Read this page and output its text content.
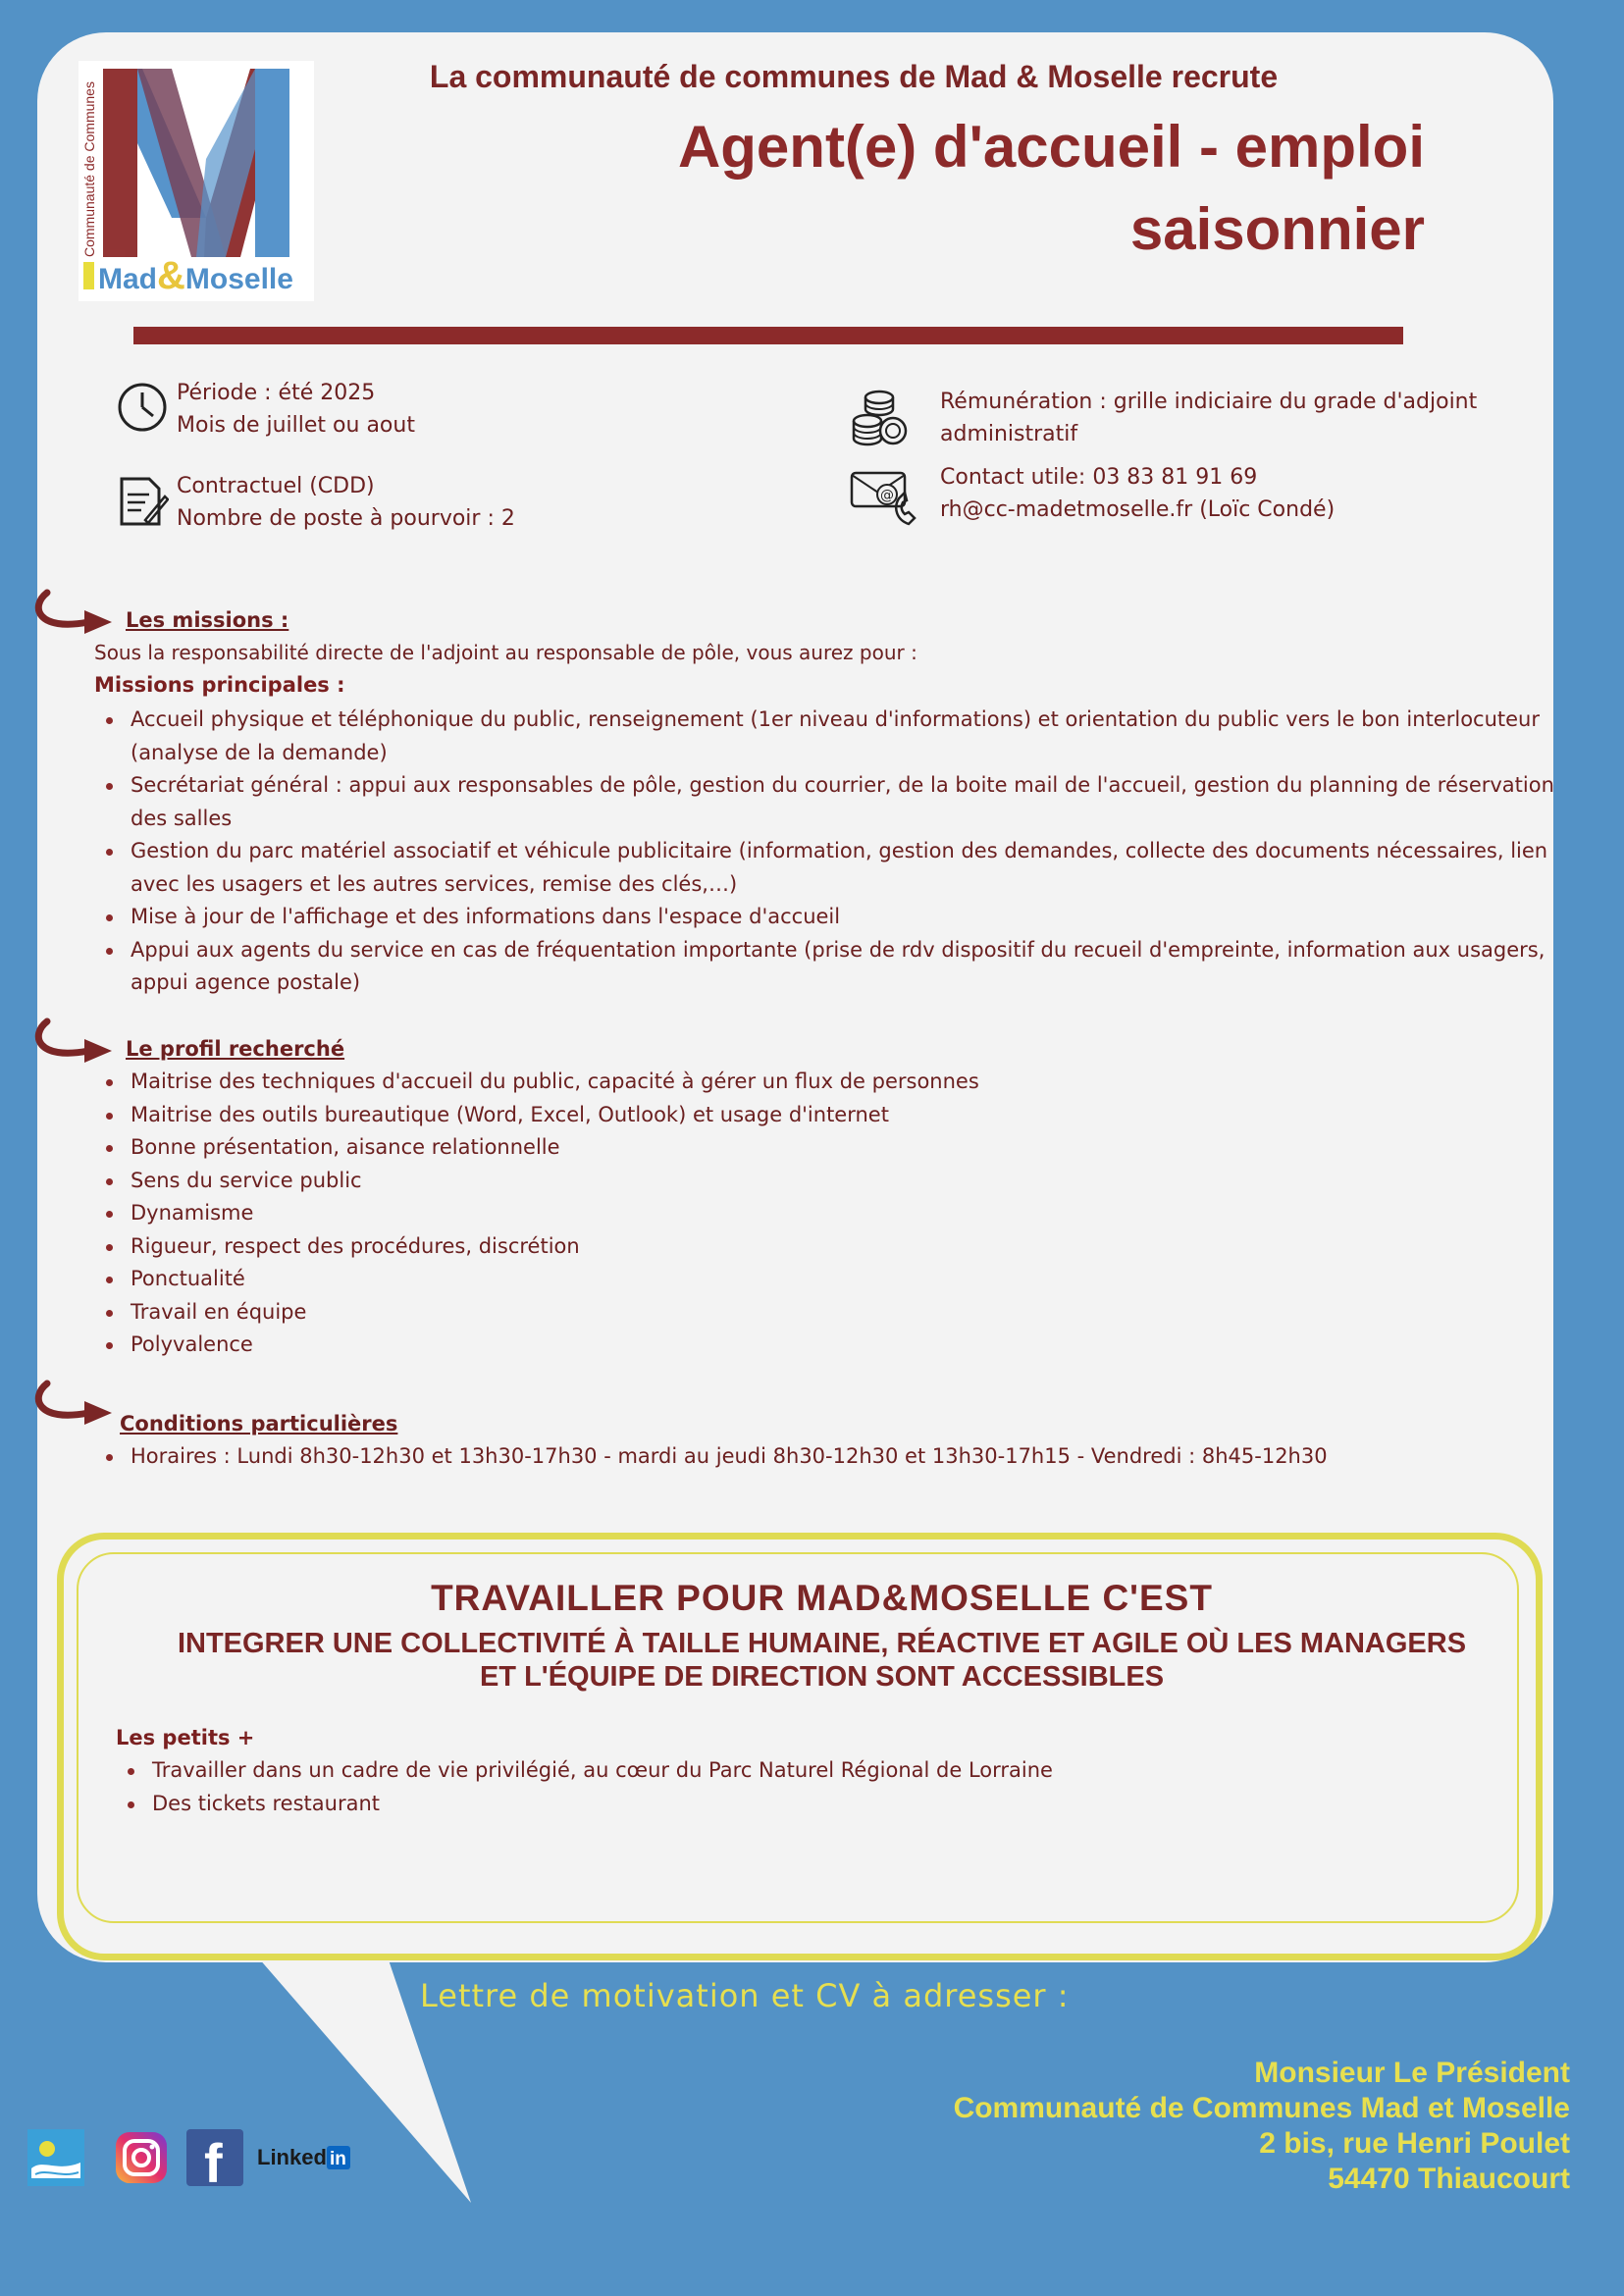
Communauté de Communes
Mad&Moselle
La communauté de communes de Mad & Moselle recrute
Agent(e) d'accueil - emploi
saisonnier
Période : été 2025
Mois de juillet ou aout
Contractuel (CDD)
Nombre de poste à pourvoir : 2
Rémunération : grille indiciaire du grade d'adjoint
administratif
@
Contact utile: 03 83 81 91 69
rh@cc-madetmoselle.fr (Loïc Condé)
Les missions :
Sous la responsabilité directe de l'adjoint au responsable de pôle, vous aurez pour :
Missions principales :
Accueil physique et téléphonique du public, renseignement (1er niveau d'informations) et orientation du public vers le bon interlocuteur (analyse de la demande)
Secrétariat général : appui aux responsables de pôle, gestion du courrier, de la boite mail de l'accueil, gestion du planning de réservation des salles
Gestion du parc matériel associatif et véhicule publicitaire (information, gestion des demandes, collecte des documents nécessaires, lien avec les usagers et les autres services, remise des clés,…)
Mise à jour de l'affichage et des informations dans l'espace d'accueil
Appui aux agents du service en cas de fréquentation importante (prise de rdv dispositif du recueil d'empreinte, information aux usagers, appui agence postale)
Le profil recherché
Maitrise des techniques d'accueil du public, capacité à gérer un flux de personnes
Maitrise des outils bureautique (Word, Excel, Outlook) et usage d'internet
Bonne présentation, aisance relationnelle
Sens du service public
Dynamisme
Rigueur, respect des procédures, discrétion
Ponctualité
Travail en équipe
Polyvalence
Conditions particulières
Horaires : Lundi 8h30-12h30 et 13h30-17h30 - mardi au jeudi 8h30-12h30 et 13h30-17h15 - Vendredi : 8h45-12h30
TRAVAILLER POUR MAD&MOSELLE C'EST
INTEGRER UNE COLLECTIVITÉ À TAILLE HUMAINE, RÉACTIVE ET AGILE OÙ LES MANAGERS ET L'ÉQUIPE DE DIRECTION SONT ACCESSIBLES
Les petits +
Travailler dans un cadre de vie privilégié, au cœur du Parc Naturel Régional de Lorraine
Des tickets restaurant
Lettre de motivation et CV à adresser :
Monsieur Le Président
Communauté de Communes Mad et Moselle
2 bis, rue Henri Poulet
54470 Thiaucourt
f Linked in
